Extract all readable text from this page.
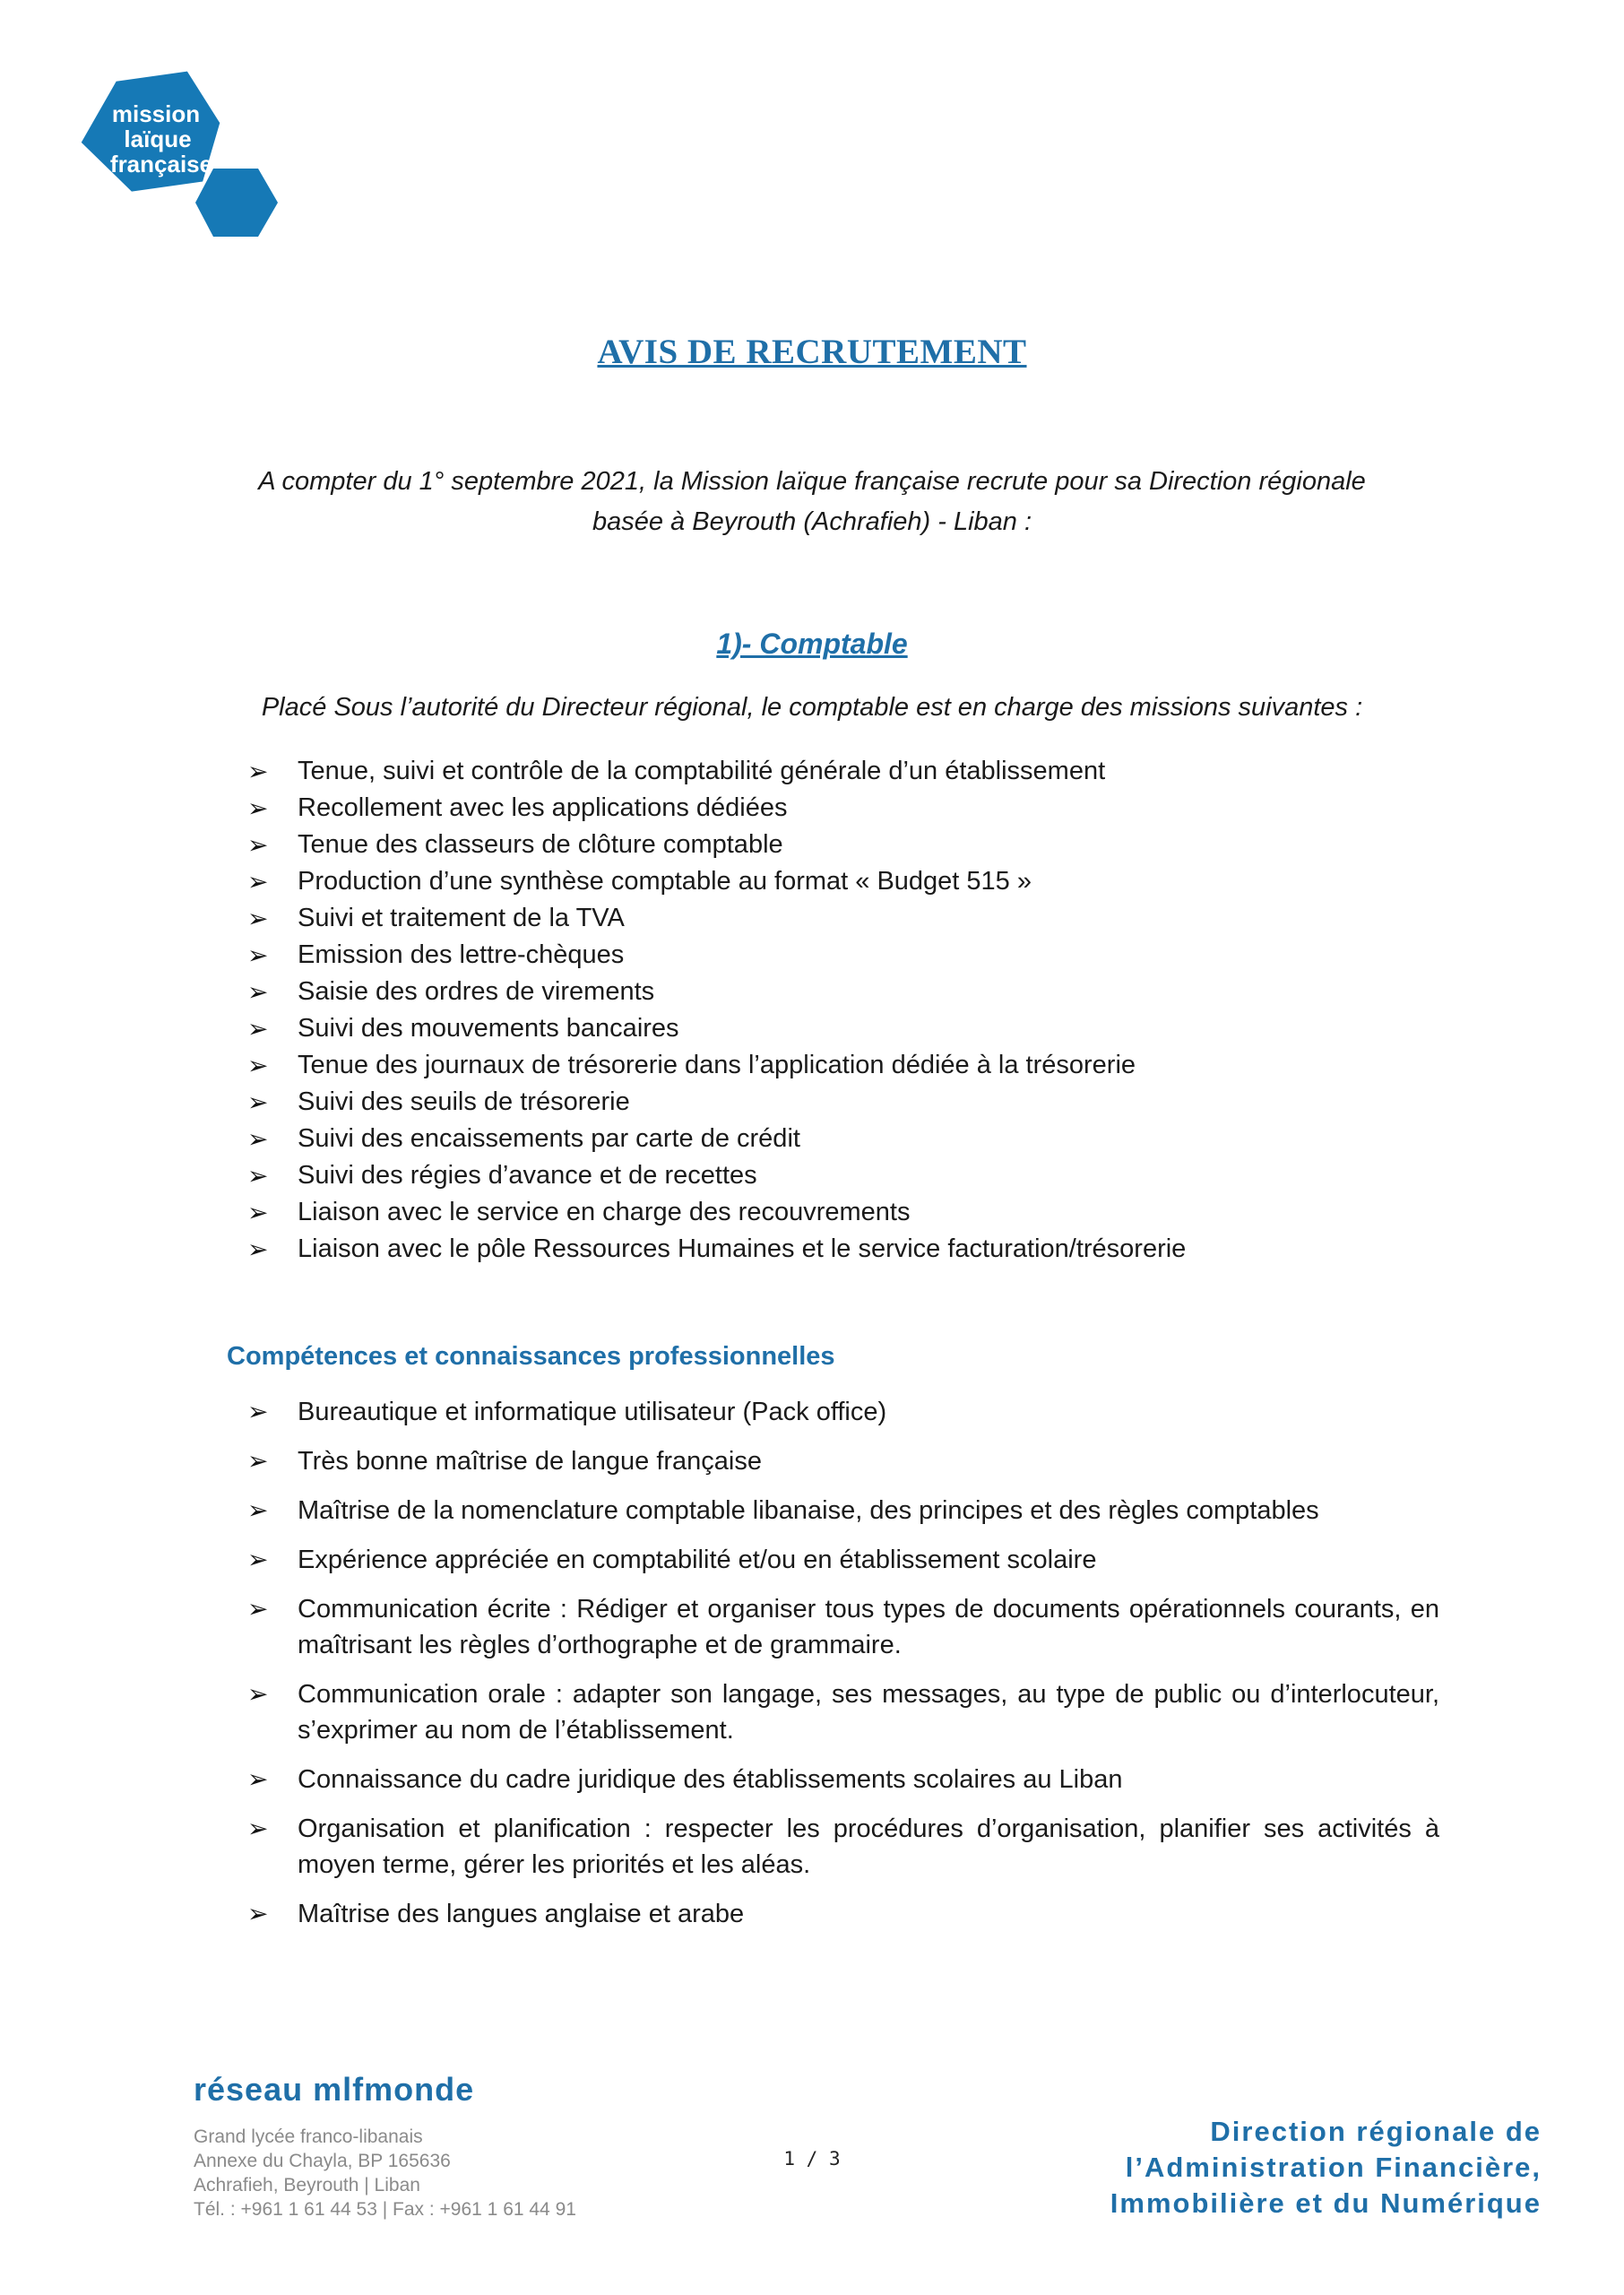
mission
laïque
française
AVIS DE RECRUTEMENT
A compter du 1° septembre 2021, la Mission laïque française recrute pour sa Direction régionale
basée à Beyrouth (Achrafieh) - Liban :
1)- Comptable
Placé Sous l’autorité du Directeur régional, le comptable est en charge des missions suivantes :
➢ Tenue, suivi et contrôle de la comptabilité générale d’un établissement
➢ Recollement avec les applications dédiées
➢ Tenue des classeurs de clôture comptable
➢ Production d’une synthèse comptable au format « Budget 515 »
➢ Suivi et traitement de la TVA
➢ Emission des lettre-chèques
➢ Saisie des ordres de virements
➢ Suivi des mouvements bancaires
➢ Tenue des journaux de trésorerie dans l’application dédiée à la trésorerie
➢ Suivi des seuils de trésorerie
➢ Suivi des encaissements par carte de crédit
➢ Suivi des régies d’avance et de recettes
➢ Liaison avec le service en charge des recouvrements
➢ Liaison avec le pôle Ressources Humaines et le service facturation/trésorerie
Compétences et connaissances professionnelles
➢ Bureautique et informatique utilisateur (Pack office)
➢ Très bonne maîtrise de langue française
➢ Maîtrise de la nomenclature comptable libanaise, des principes et des règles comptables
➢ Expérience appréciée en comptabilité et/ou en établissement scolaire
➢ Communication écrite : Rédiger et organiser tous types de documents opérationnels courants, en maîtrisant les règles d’orthographe et de grammaire.
➢ Communication orale : adapter son langage, ses messages, au type de public ou d’interlocuteur, s’exprimer au nom de l’établissement.
➢ Connaissance du cadre juridique des établissements scolaires au Liban
➢ Organisation et planification : respecter les procédures d’organisation, planifier ses activités à moyen terme, gérer les priorités et les aléas.
➢ Maîtrise des langues anglaise et arabe
réseau mlfmonde
Grand lycée franco-libanais
Annexe du Chayla, BP 165636
Achrafieh, Beyrouth | Liban
Tél. : +961 1 61 44 53 | Fax : +961 1 61 44 91
1 / 3
Direction régionale de
l’Administration Financière,
Immobilière et du Numérique
